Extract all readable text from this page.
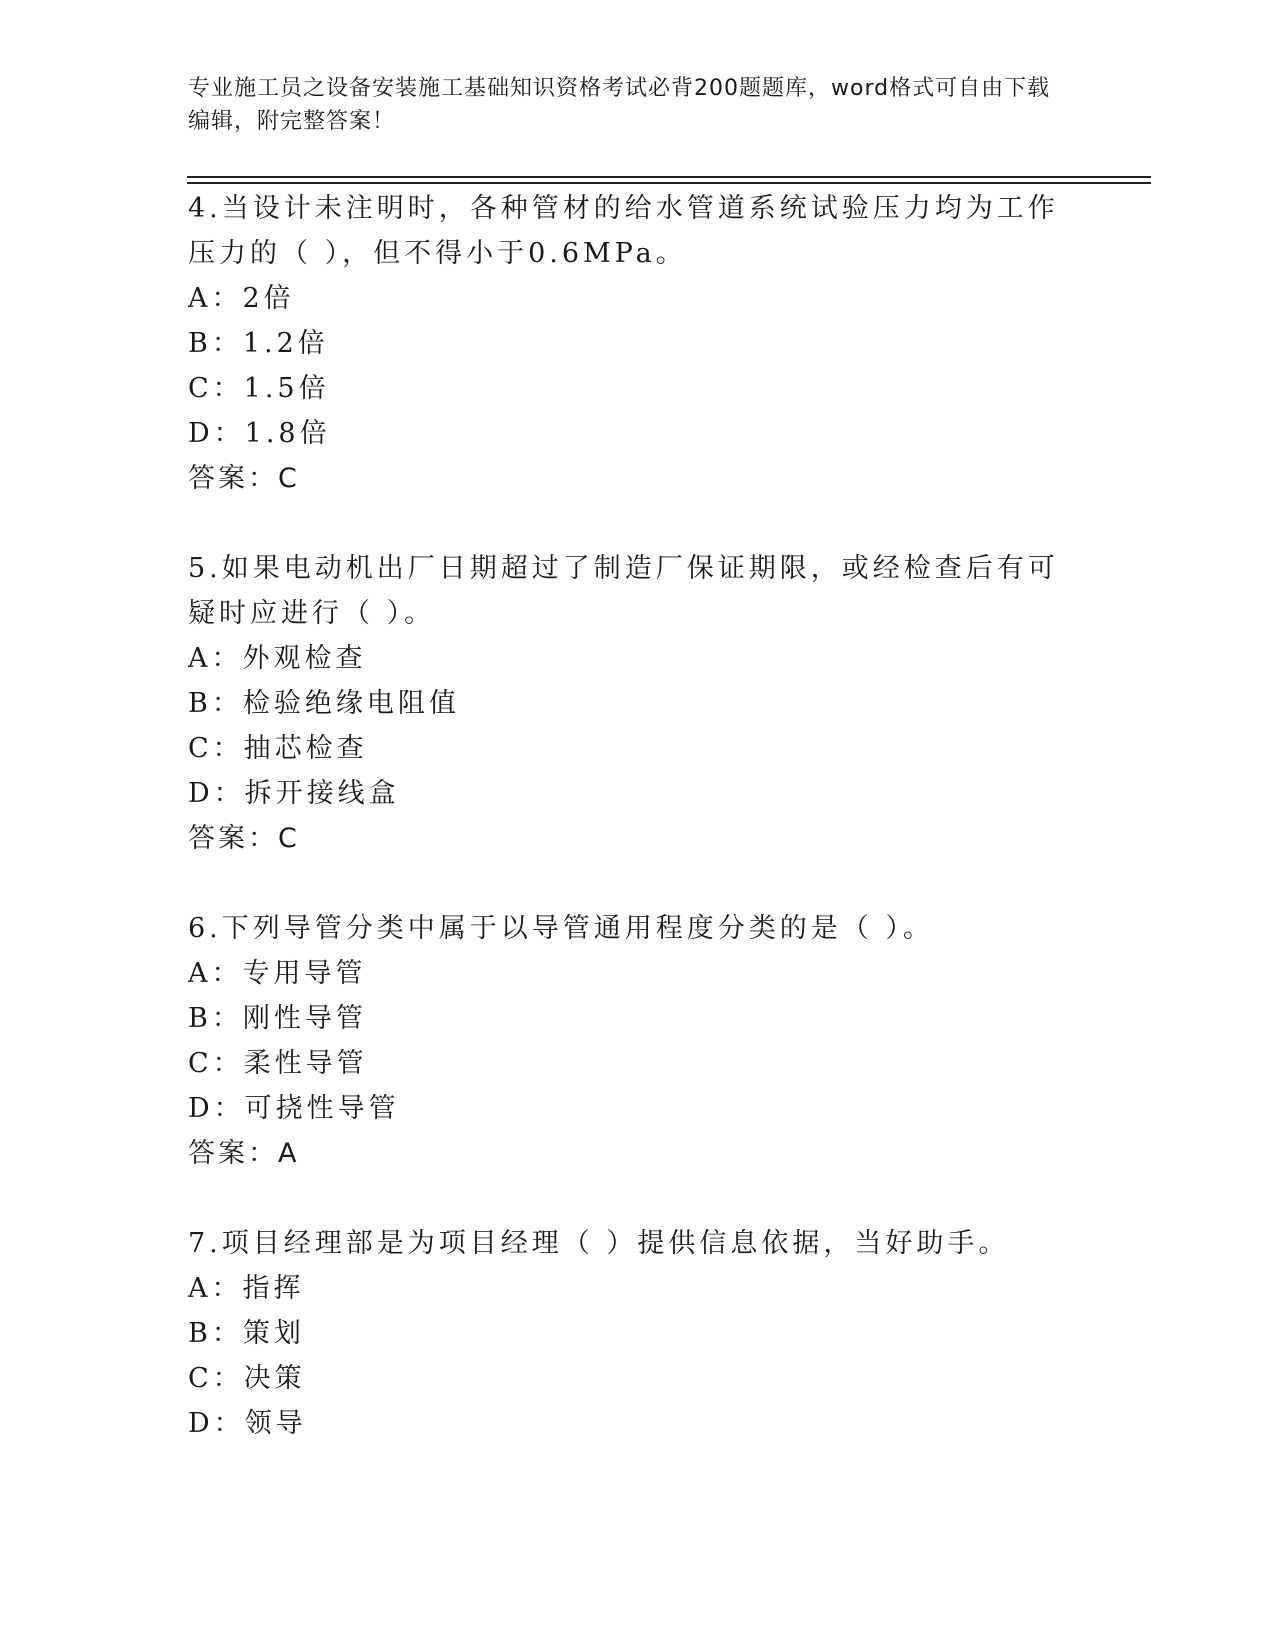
专业施工员之设备安装施工基础知识资格考试必背200题题库，word格式可自由下载编辑，附完整答案！
4.当设计未注明时，各种管材的给水管道系统试验压力均为工作压力的（ ），但不得小于0.6MPa。
A：2倍
B：1.2倍
C：1.5倍
D：1.8倍
答案：C
5.如果电动机出厂日期超过了制造厂保证期限，或经检查后有可疑时应进行（ ）。
A：外观检查
B：检验绝缘电阻值
C：抽芯检查
D：拆开接线盒
答案：C
6.下列导管分类中属于以导管通用程度分类的是（ ）。
A：专用导管
B：刚性导管
C：柔性导管
D：可挠性导管
答案：A
7.项目经理部是为项目经理（ ）提供信息依据，当好助手。
A：指挥
B：策划
C：决策
D：领导
